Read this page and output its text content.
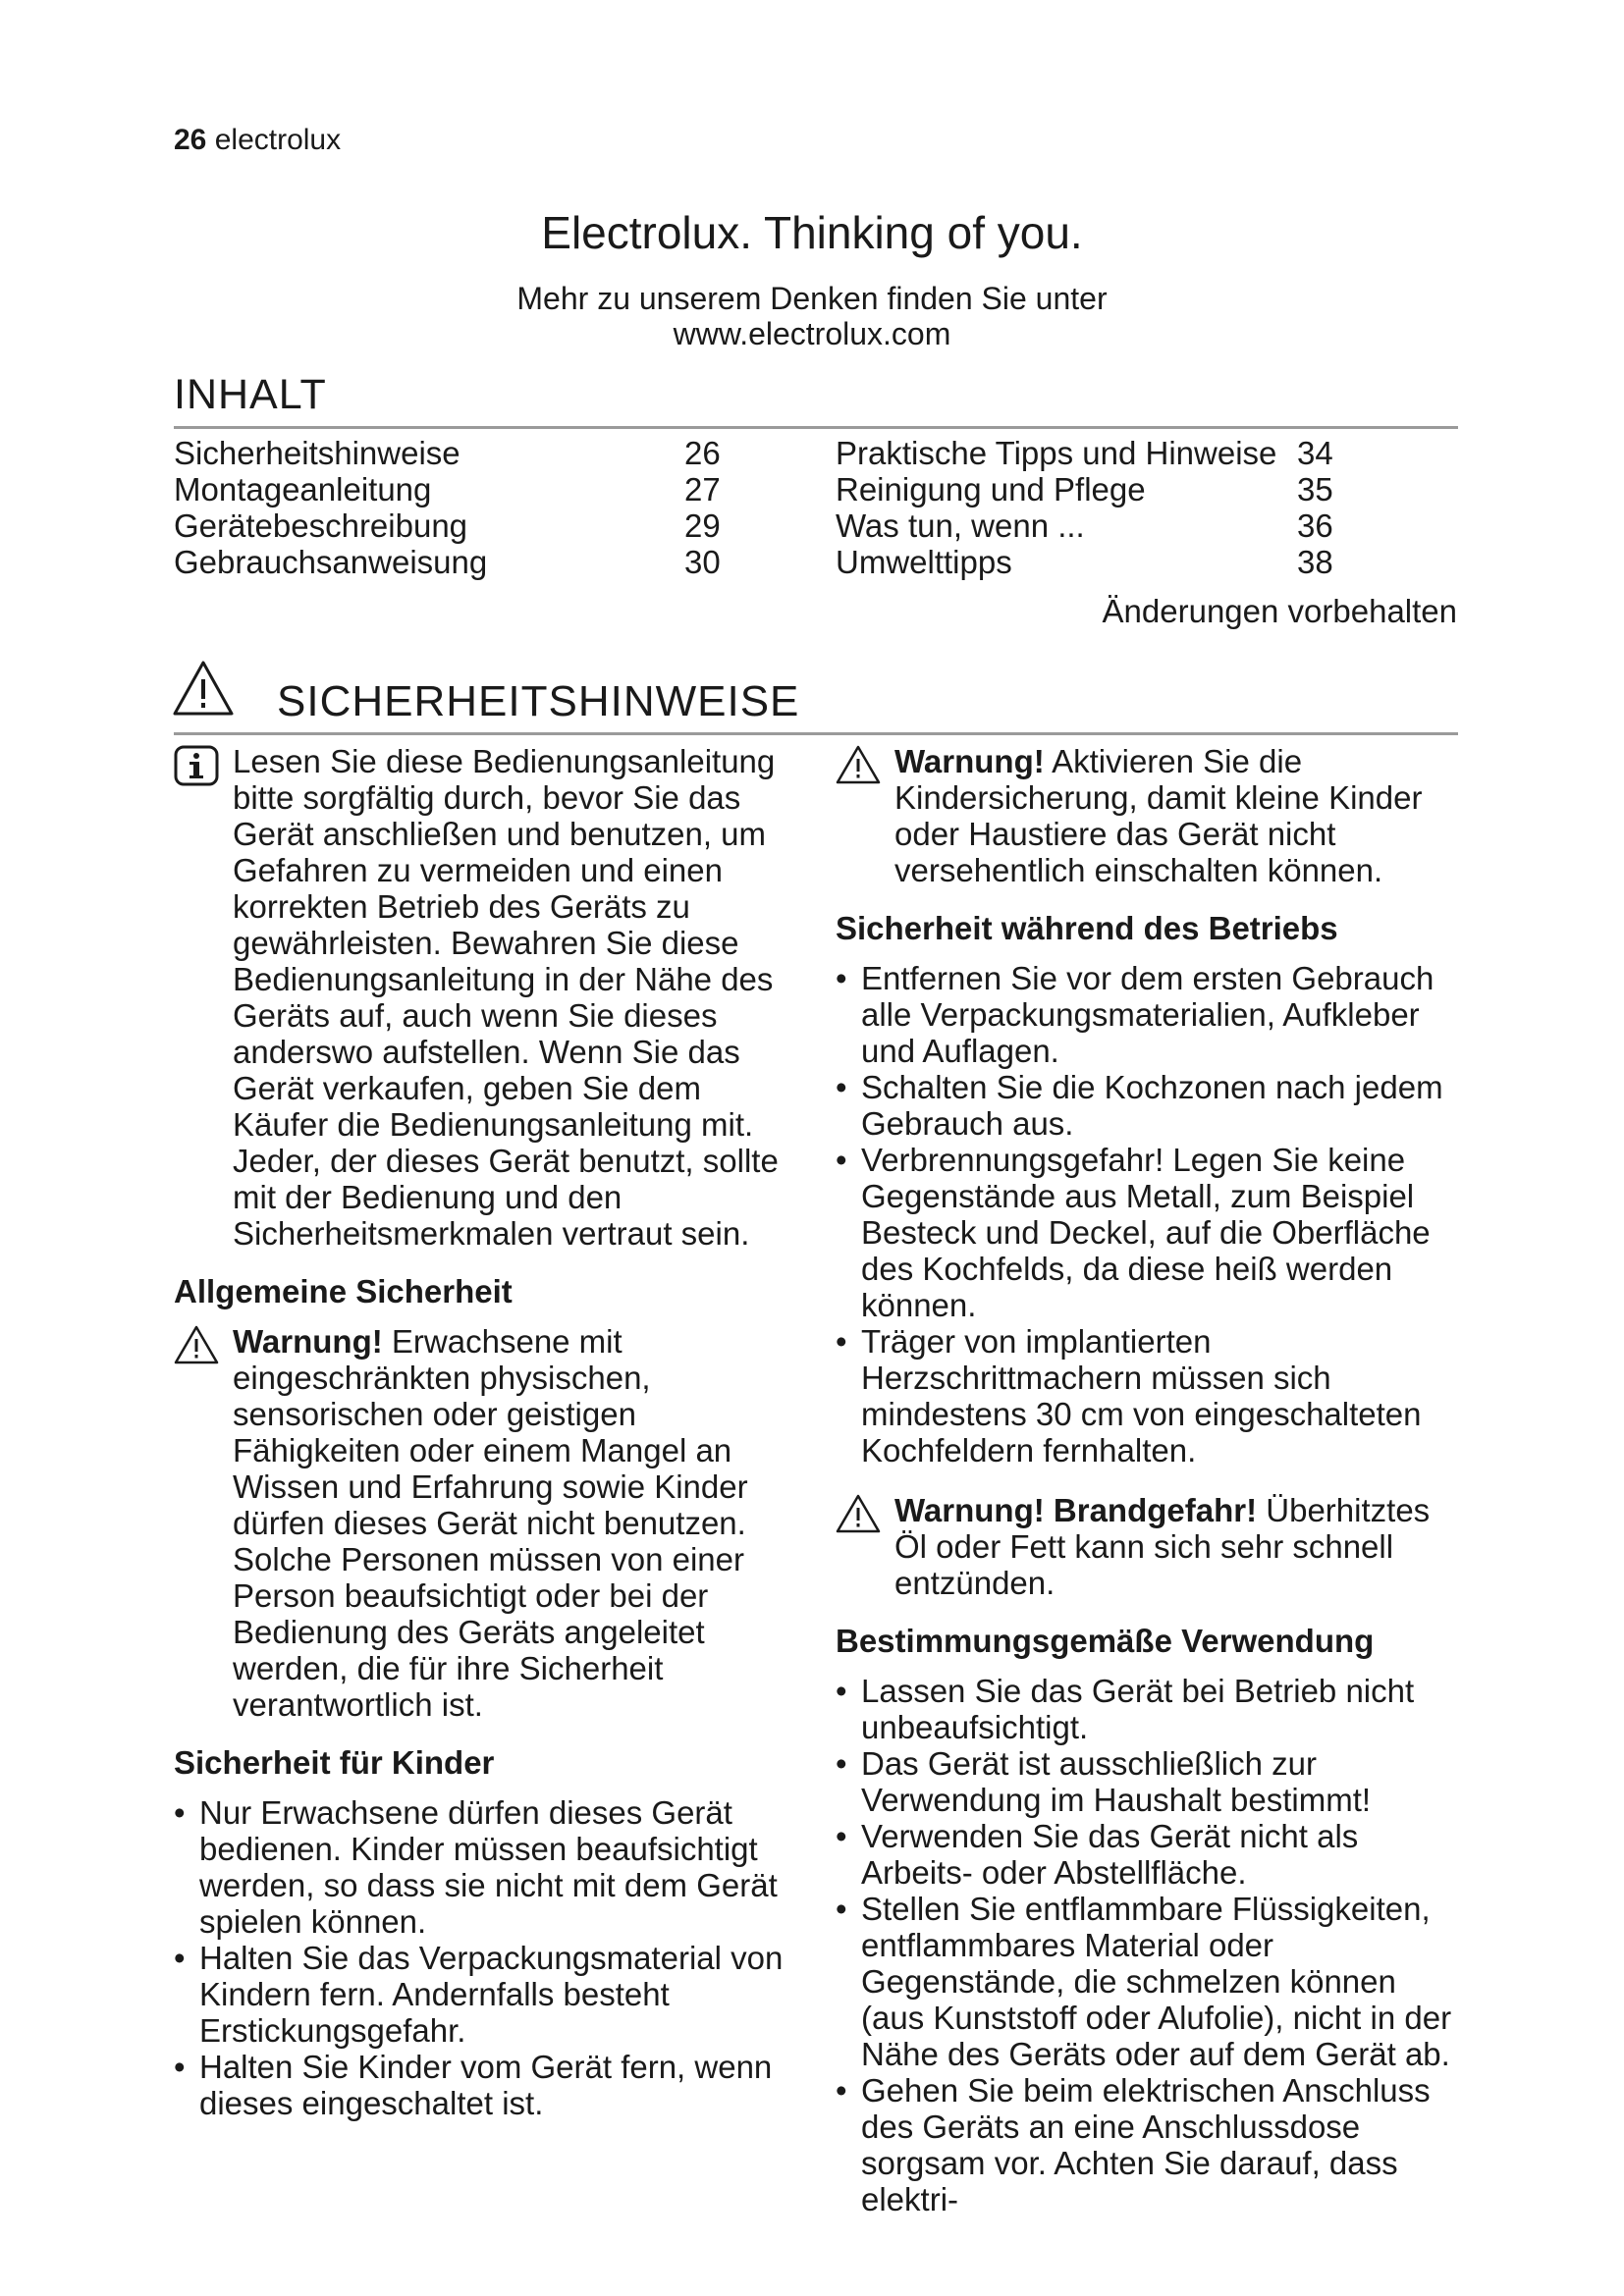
26 electrolux
Electrolux. Thinking of you.
Mehr zu unserem Denken finden Sie unter
www.electrolux.com
INHALT
Sicherheitshinweise	26
Montageanleitung	27
Gerätebeschreibung	29
Gebrauchsanweisung	30
Praktische Tipps und Hinweise 34
Reinigung und Pflege	35
Was tun, wenn ...	36
Umwelttipps	38
Änderungen vorbehalten
SICHERHEITSHINWEISE
Lesen Sie diese Bedienungsanleitung bitte sorgfältig durch, bevor Sie das Gerät anschließen und benutzen, um Gefahren zu vermeiden und einen korrekten Betrieb des Geräts zu gewährleisten. Bewahren Sie diese Bedienungsanleitung in der Nähe des Geräts auf, auch wenn Sie dieses anderswo aufstellen. Wenn Sie das Gerät verkaufen, geben Sie dem Käufer die Bedienungsanleitung mit. Jeder, der dieses Gerät benutzt, sollte mit der Bedienung und den Sicherheitsmerkmalen vertraut sein.
Allgemeine Sicherheit
Warnung! Erwachsene mit eingeschränkten physischen, sensorischen oder geistigen Fähigkeiten oder einem Mangel an Wissen und Erfahrung sowie Kinder dürfen dieses Gerät nicht benutzen. Solche Personen müssen von einer Person beaufsichtigt oder bei der Bedienung des Geräts angeleitet werden, die für ihre Sicherheit verantwortlich ist.
Sicherheit für Kinder
• Nur Erwachsene dürfen dieses Gerät bedienen. Kinder müssen beaufsichtigt werden, so dass sie nicht mit dem Gerät spielen können.
• Halten Sie das Verpackungsmaterial von Kindern fern. Andernfalls besteht Erstickungsgefahr.
• Halten Sie Kinder vom Gerät fern, wenn dieses eingeschaltet ist.
Warnung! Aktivieren Sie die Kindersicherung, damit kleine Kinder oder Haustiere das Gerät nicht versehentlich einschalten können.
Sicherheit während des Betriebs
• Entfernen Sie vor dem ersten Gebrauch alle Verpackungsmaterialien, Aufkleber und Auflagen.
• Schalten Sie die Kochzonen nach jedem Gebrauch aus.
• Verbrennungsgefahr! Legen Sie keine Gegenstände aus Metall, zum Beispiel Besteck und Deckel, auf die Oberfläche des Kochfelds, da diese heiß werden können.
• Träger von implantierten Herzschrittmachern müssen sich mindestens 30 cm von eingeschalteten Kochfeldern fernhalten.
Warnung! Brandgefahr! Überhitztes Öl oder Fett kann sich sehr schnell entzünden.
Bestimmungsgemäße Verwendung
• Lassen Sie das Gerät bei Betrieb nicht unbeaufsichtigt.
• Das Gerät ist ausschließlich zur Verwendung im Haushalt bestimmt!
• Verwenden Sie das Gerät nicht als Arbeits- oder Abstellfläche.
• Stellen Sie entflammbare Flüssigkeiten, entflammbares Material oder Gegenstände, die schmelzen können (aus Kunststoff oder Alufolie), nicht in der Nähe des Geräts oder auf dem Gerät ab.
• Gehen Sie beim elektrischen Anschluss des Geräts an eine Anschlussdose sorgsam vor. Achten Sie darauf, dass elektri-
